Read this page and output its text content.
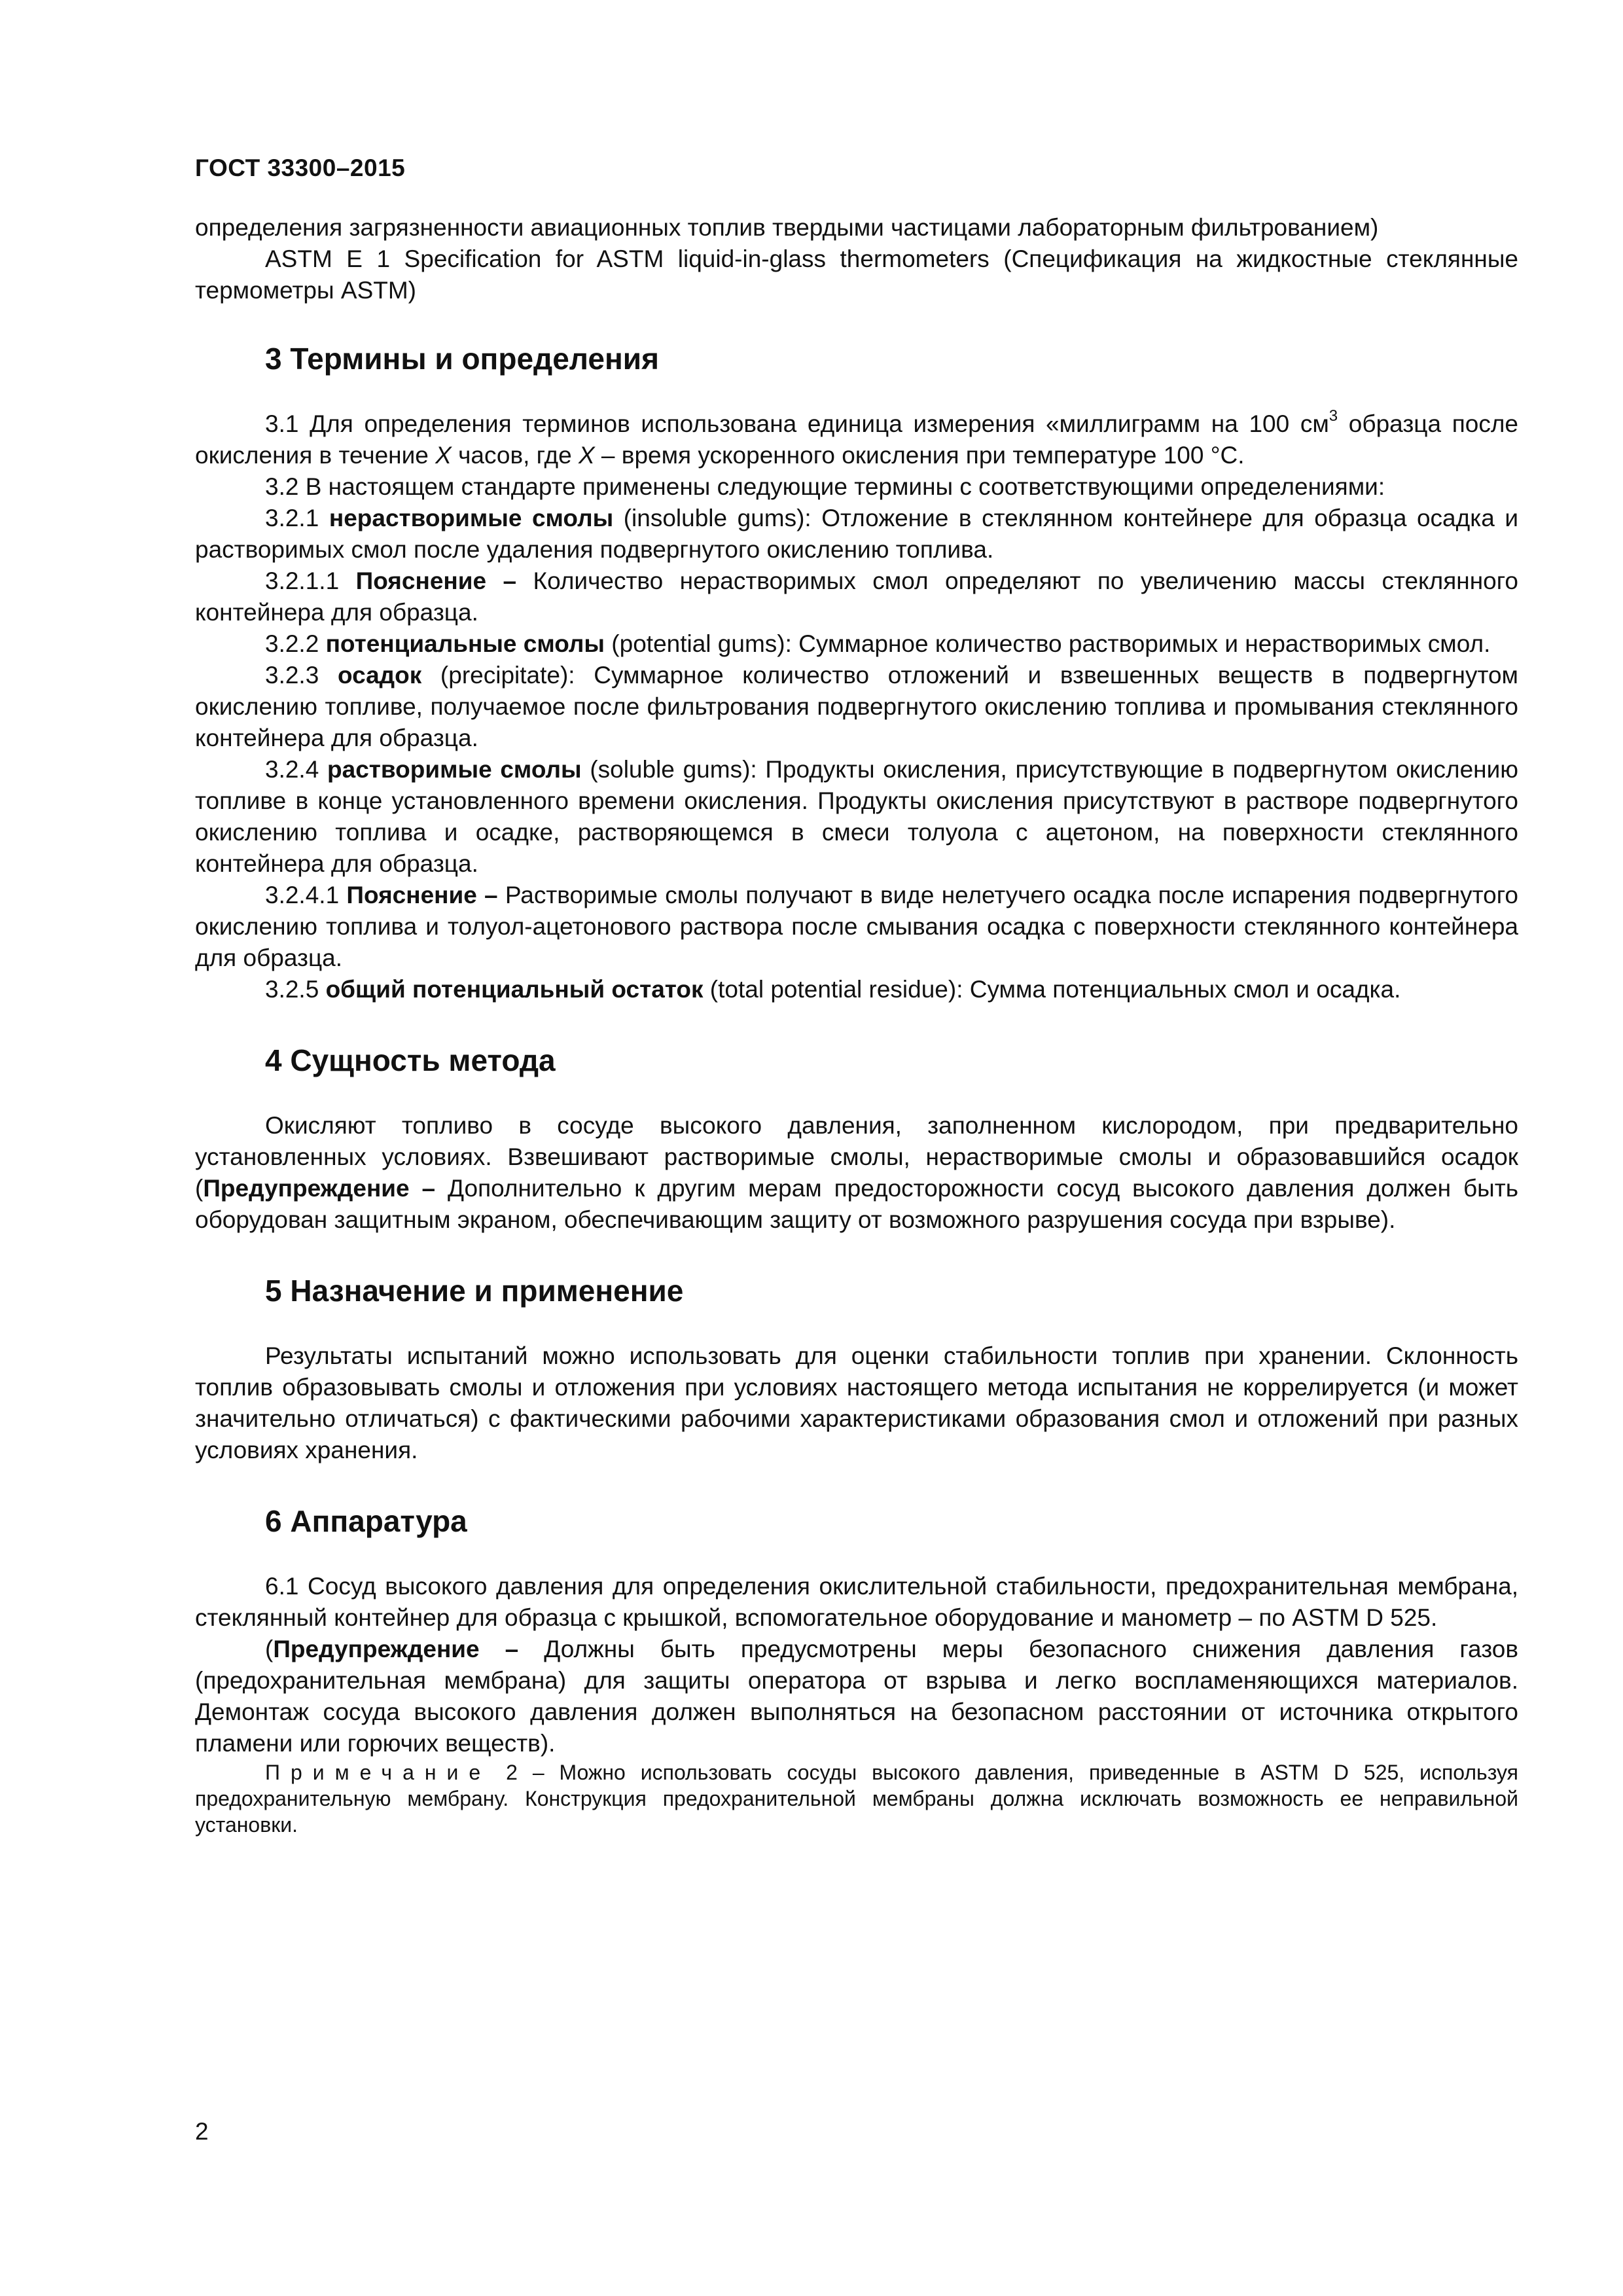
ГОСТ 33300–2015

определения загрязненности авиационных топлив твердыми частицами лабораторным фильтрованием)

ASTM E 1 Specification for ASTM liquid-in-glass thermometers (Спецификация на жидкостные стеклянные термометры ASTM)

3 Термины и определения

3.1 Для определения терминов использована единица измерения «миллиграмм на 100 $см^3$ образца после окисления в течение X часов, где X – время ускоренного окисления при температуре 100 °С.

3.2 В настоящем стандарте применены следующие термины с соответствующими определениями:

3.2.1 нерастворимые смолы (insoluble gums): Отложение в стеклянном контейнере для образца осадка и растворимых смол после удаления подвергнутого окислению топлива.

3.2.1.1 Пояснение – Количество нерастворимых смол определяют по увеличению массы стеклянного контейнера для образца.

3.2.2 потенциальные смолы (potential gums): Суммарное количество растворимых и нерастворимых смол.

3.2.3 осадок (precipitate): Суммарное количество отложений и взвешенных веществ в подвергнутом окислению топливе, получаемое после фильтрования подвергнутого окислению топлива и промывания стеклянного контейнера для образца.

3.2.4 растворимые смолы (soluble gums): Продукты окисления, присутствующие в подвергнутом окислению топливе в конце установленного времени окисления. Продукты окисления присутствуют в растворе подвергнутого окислению топлива и осадке, растворяющемся в смеси толуола с ацетоном, на поверхности стеклянного контейнера для образца.

3.2.4.1 Пояснение – Растворимые смолы получают в виде нелетучего осадка после испарения подвергнутого окислению топлива и толуол-ацетонового раствора после смывания осадка с поверхности стеклянного контейнера для образца.

3.2.5 общий потенциальный остаток (total potential residue): Сумма потенциальных смол и осадка.

4 Сущность метода

Окисляют топливо в сосуде высокого давления, заполненном кислородом, при предварительно установленных условиях. Взвешивают растворимые смолы, нерастворимые смолы и образовавшийся осадок (Предупреждение – Дополнительно к другим мерам предосторожности сосуд высокого давления должен быть оборудован защитным экраном, обеспечивающим защиту от возможного разрушения сосуда при взрыве).

5 Назначение и применение

Результаты испытаний можно использовать для оценки стабильности топлив при хранении. Склонность топлив образовывать смолы и отложения при условиях настоящего метода испытания не коррелируется (и может значительно отличаться) с фактическими рабочими характеристиками образования смол и отложений при разных условиях хранения.

6 Аппаратура

6.1 Сосуд высокого давления для определения окислительной стабильности, предохранительная мембрана, стеклянный контейнер для образца с крышкой, вспомогательное оборудование и манометр – по ASTM D 525.

(Предупреждение – Должны быть предусмотрены меры безопасного снижения давления газов (предохранительная мембрана) для защиты оператора от взрыва и легко воспламеняющихся материалов. Демонтаж сосуда высокого давления должен выполняться на безопасном расстоянии от источника открытого пламени или горючих веществ).

Примечание 2 – Можно использовать сосуды высокого давления, приведенные в ASTM D 525, используя предохранительную мембрану. Конструкция предохранительной мембраны должна исключать возможность ее неправильной установки.

2
